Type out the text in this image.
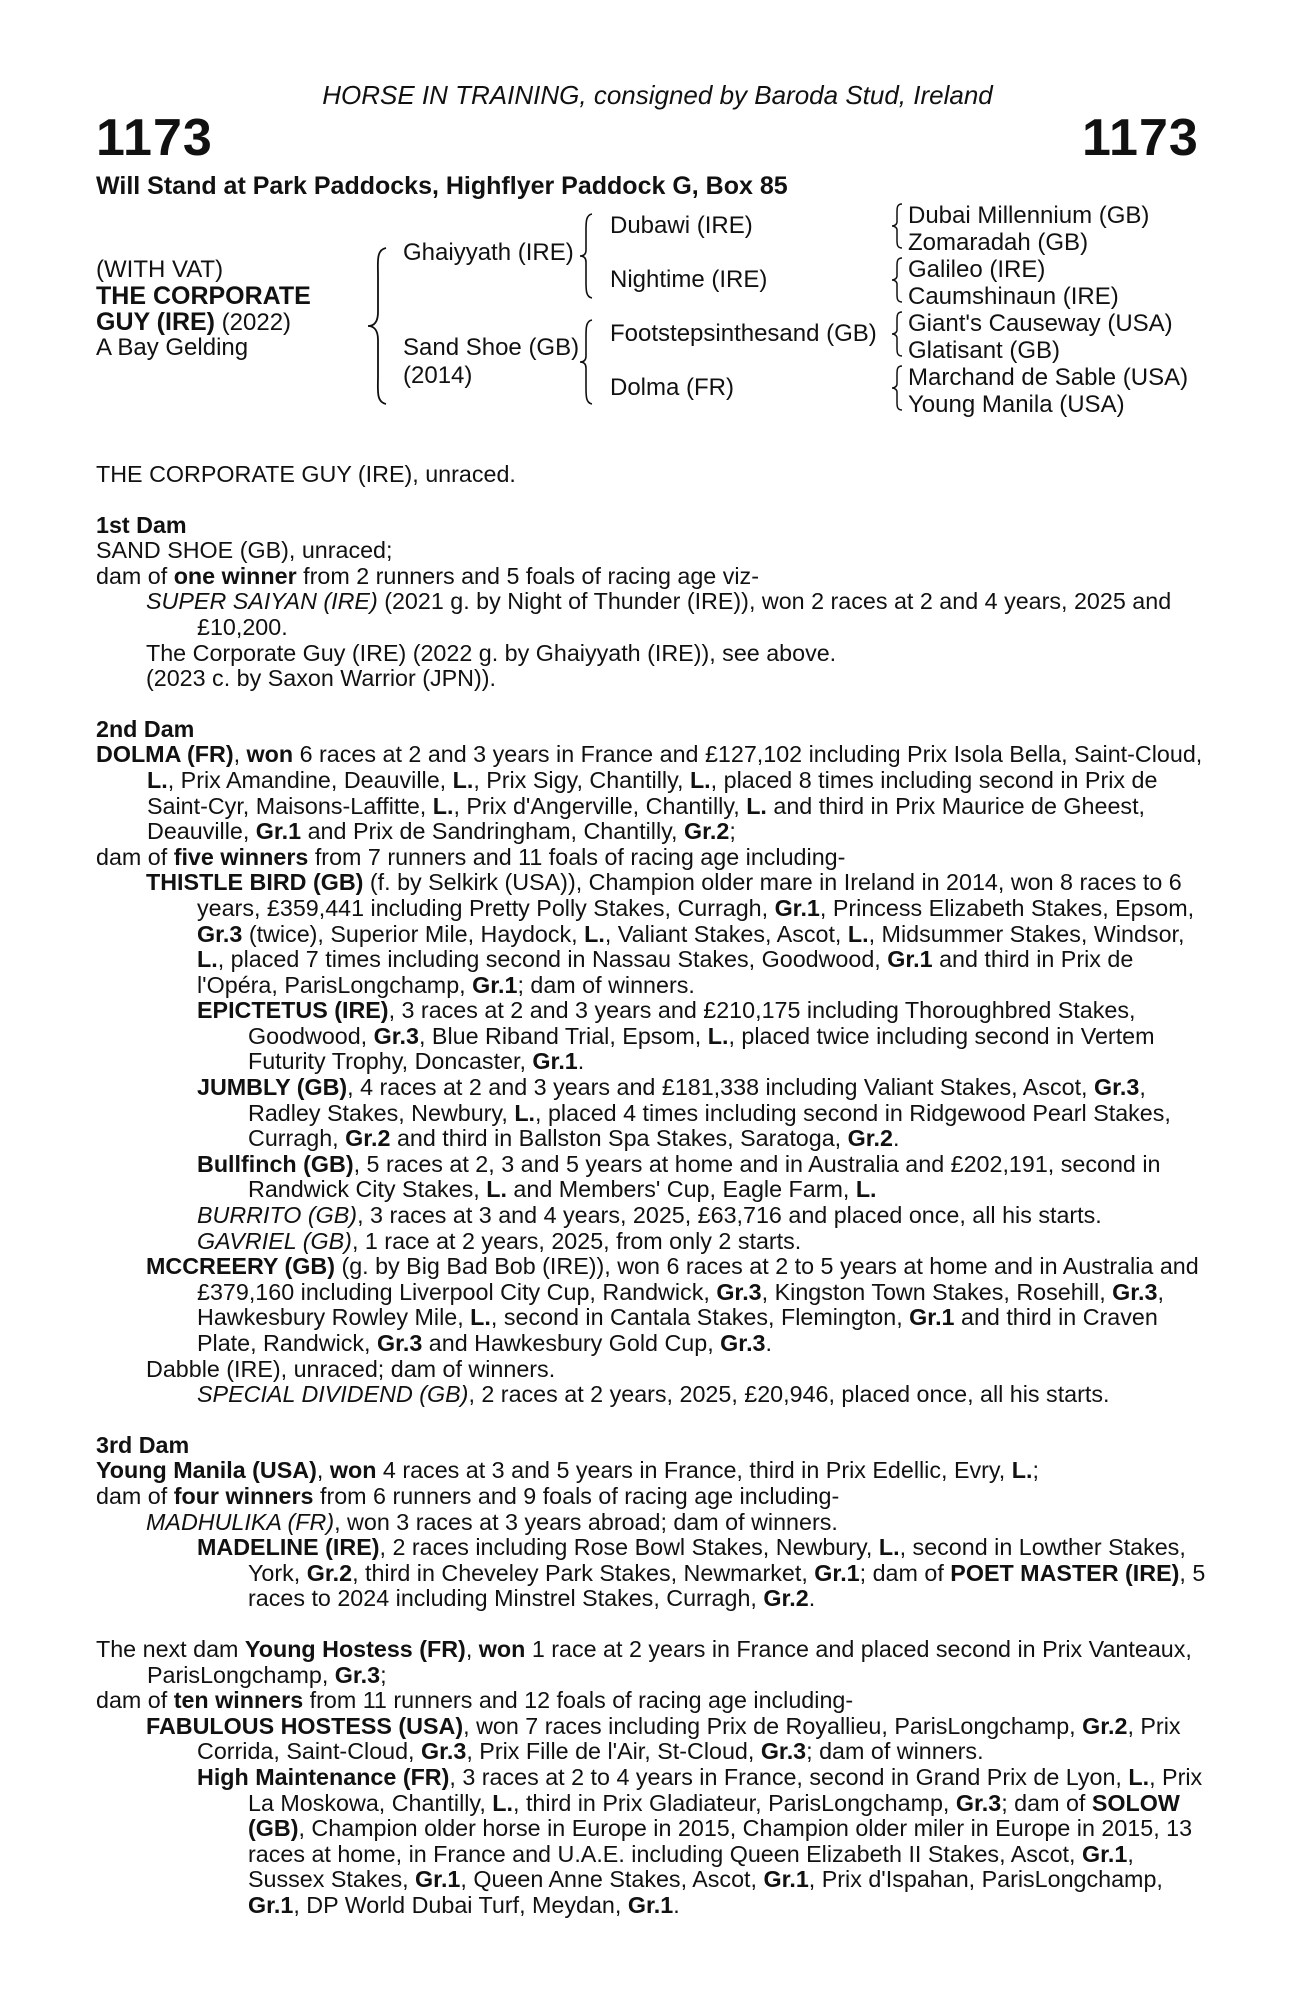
HORSE IN TRAINING, consigned by Baroda Stud, Ireland
1173	1173
Will Stand at Park Paddocks, Highflyer Paddock G, Box 85
(WITH VAT)
THE CORPORATE
GUY (IRE) (2022)
A Bay Gelding
Ghaiyyath (IRE)
Sand Shoe (GB)
(2014)
Dubawi (IRE)
Nightime (IRE)
Footstepsinthesand (GB)
Dolma (FR)
Dubai Millennium (GB)
Zomaradah (GB)
Galileo (IRE)
Caumshinaun (IRE)
Giant's Causeway (USA)
Glatisant (GB)
Marchand de Sable (USA)
Young Manila (USA)

THE CORPORATE GUY (IRE), unraced.

1st Dam

SAND SHOE (GB), unraced;

dam of one winner from 2 runners and 5 foals of racing age viz-

SUPER SAIYAN (IRE) (2021 g. by Night of Thunder (IRE)), won 2 races at 2 and 4 years, 2025 and £10,200.

The Corporate Guy (IRE) (2022 g. by Ghaiyyath (IRE)), see above.

(2023 c. by Saxon Warrior (JPN)).

2nd Dam

DOLMA (FR), won 6 races at 2 and 3 years in France and £127,102 including Prix Isola Bella, Saint-Cloud, L., Prix Amandine, Deauville, L., Prix Sigy, Chantilly, L., placed 8 times including second in Prix de Saint-Cyr, Maisons-Laffitte, L., Prix d'Angerville, Chantilly, L. and third in Prix Maurice de Gheest, Deauville, Gr.1 and Prix de Sandringham, Chantilly, Gr.2;

dam of five winners from 7 runners and 11 foals of racing age including-

THISTLE BIRD (GB) (f. by Selkirk (USA)), Champion older mare in Ireland in 2014, won 8 races to 6 years, £359,441 including Pretty Polly Stakes, Curragh, Gr.1, Princess Elizabeth Stakes, Epsom, Gr.3 (twice), Superior Mile, Haydock, L., Valiant Stakes, Ascot, L., Midsummer Stakes, Windsor, L., placed 7 times including second in Nassau Stakes, Goodwood, Gr.1 and third in Prix de l'Opéra, ParisLongchamp, Gr.1; dam of winners.

EPICTETUS (IRE), 3 races at 2 and 3 years and £210,175 including Thoroughbred Stakes, Goodwood, Gr.3, Blue Riband Trial, Epsom, L., placed twice including second in Vertem Futurity Trophy, Doncaster, Gr.1.

JUMBLY (GB), 4 races at 2 and 3 years and £181,338 including Valiant Stakes, Ascot, Gr.3, Radley Stakes, Newbury, L., placed 4 times including second in Ridgewood Pearl Stakes, Curragh, Gr.2 and third in Ballston Spa Stakes, Saratoga, Gr.2.

Bullfinch (GB), 5 races at 2, 3 and 5 years at home and in Australia and £202,191, second in Randwick City Stakes, L. and Members' Cup, Eagle Farm, L.

BURRITO (GB), 3 races at 3 and 4 years, 2025, £63,716 and placed once, all his starts.

GAVRIEL (GB), 1 race at 2 years, 2025, from only 2 starts.

MCCREERY (GB) (g. by Big Bad Bob (IRE)), won 6 races at 2 to 5 years at home and in Australia and £379,160 including Liverpool City Cup, Randwick, Gr.3, Kingston Town Stakes, Rosehill, Gr.3, Hawkesbury Rowley Mile, L., second in Cantala Stakes, Flemington, Gr.1 and third in Craven Plate, Randwick, Gr.3 and Hawkesbury Gold Cup, Gr.3.

Dabble (IRE), unraced; dam of winners.

SPECIAL DIVIDEND (GB), 2 races at 2 years, 2025, £20,946, placed once, all his starts.

3rd Dam

Young Manila (USA), won 4 races at 3 and 5 years in France, third in Prix Edellic, Evry, L.;

dam of four winners from 6 runners and 9 foals of racing age including-

MADHULIKA (FR), won 3 races at 3 years abroad; dam of winners.

MADELINE (IRE), 2 races including Rose Bowl Stakes, Newbury, L., second in Lowther Stakes, York, Gr.2, third in Cheveley Park Stakes, Newmarket, Gr.1; dam of POET MASTER (IRE), 5 races to 2024 including Minstrel Stakes, Curragh, Gr.2.

The next dam Young Hostess (FR), won 1 race at 2 years in France and placed second in Prix Vanteaux, ParisLongchamp, Gr.3;

dam of ten winners from 11 runners and 12 foals of racing age including-

FABULOUS HOSTESS (USA), won 7 races including Prix de Royallieu, ParisLongchamp, Gr.2, Prix Corrida, Saint-Cloud, Gr.3, Prix Fille de l'Air, St-Cloud, Gr.3; dam of winners.

High Maintenance (FR), 3 races at 2 to 4 years in France, second in Grand Prix de Lyon, L., Prix La Moskowa, Chantilly, L., third in Prix Gladiateur, ParisLongchamp, Gr.3; dam of SOLOW (GB), Champion older horse in Europe in 2015, Champion older miler in Europe in 2015, 13 races at home, in France and U.A.E. including Queen Elizabeth II Stakes, Ascot, Gr.1, Sussex Stakes, Gr.1, Queen Anne Stakes, Ascot, Gr.1, Prix d'Ispahan, ParisLongchamp, Gr.1, DP World Dubai Turf, Meydan, Gr.1.
